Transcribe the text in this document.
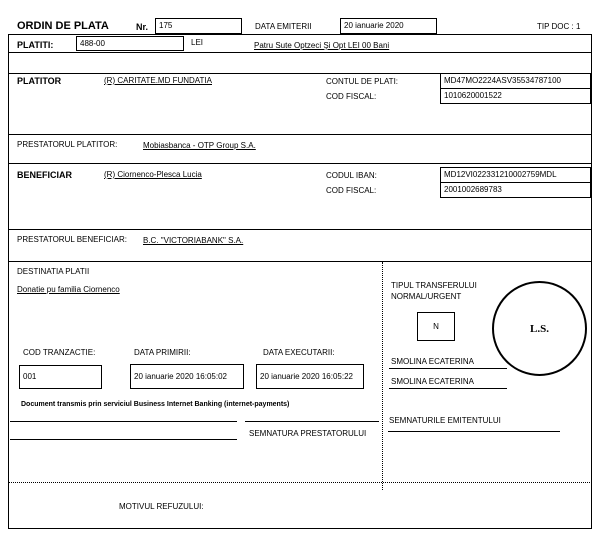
ORDIN DE PLATA	Nr. 175	DATA EMITERII	20 ianuarie 2020	TIP DOC : 1
PLATITI:	488-00	LEI	Patru Sute Optzeci Şi Opt LEI 00 Bani
PLATITOR	(R) CARITATE.MD FUNDATIA	CONTUL DE PLATI:	MD47MO2224ASV35534787100
COD FISCAL:	1010620001522
PRESTATORUL PLATITOR:	Mobiasbanca - OTP Group S.A.
BENEFICIAR	(R) Ciornenco-Plesca Lucia	CODUL IBAN:	MD12VI022331210002759MDL
COD FISCAL:	2001002689783
PRESTATORUL BENEFICIAR: B.C. "VICTORIABANK" S.A.
DESTINATIA PLATII
Donatie pu familia Ciornenco	TIPUL TRANSFERULUI
NORMAL/URGENT
N	L.S.
COD TRANZACTIE:	DATA PRIMIRII:	DATA EXECUTARII:
001	20 ianuarie 2020 16:05:02	20 ianuarie 2020 16:05:22
SMOLINA ECATERINA
SMOLINA ECATERINA
Document transmis prin serviciul Business Internet Banking (internet-payments)
SEMNATURA PRESTATORULUI
SEMNATURILE EMITENTULUI
MOTIVUL REFUZULUI:
